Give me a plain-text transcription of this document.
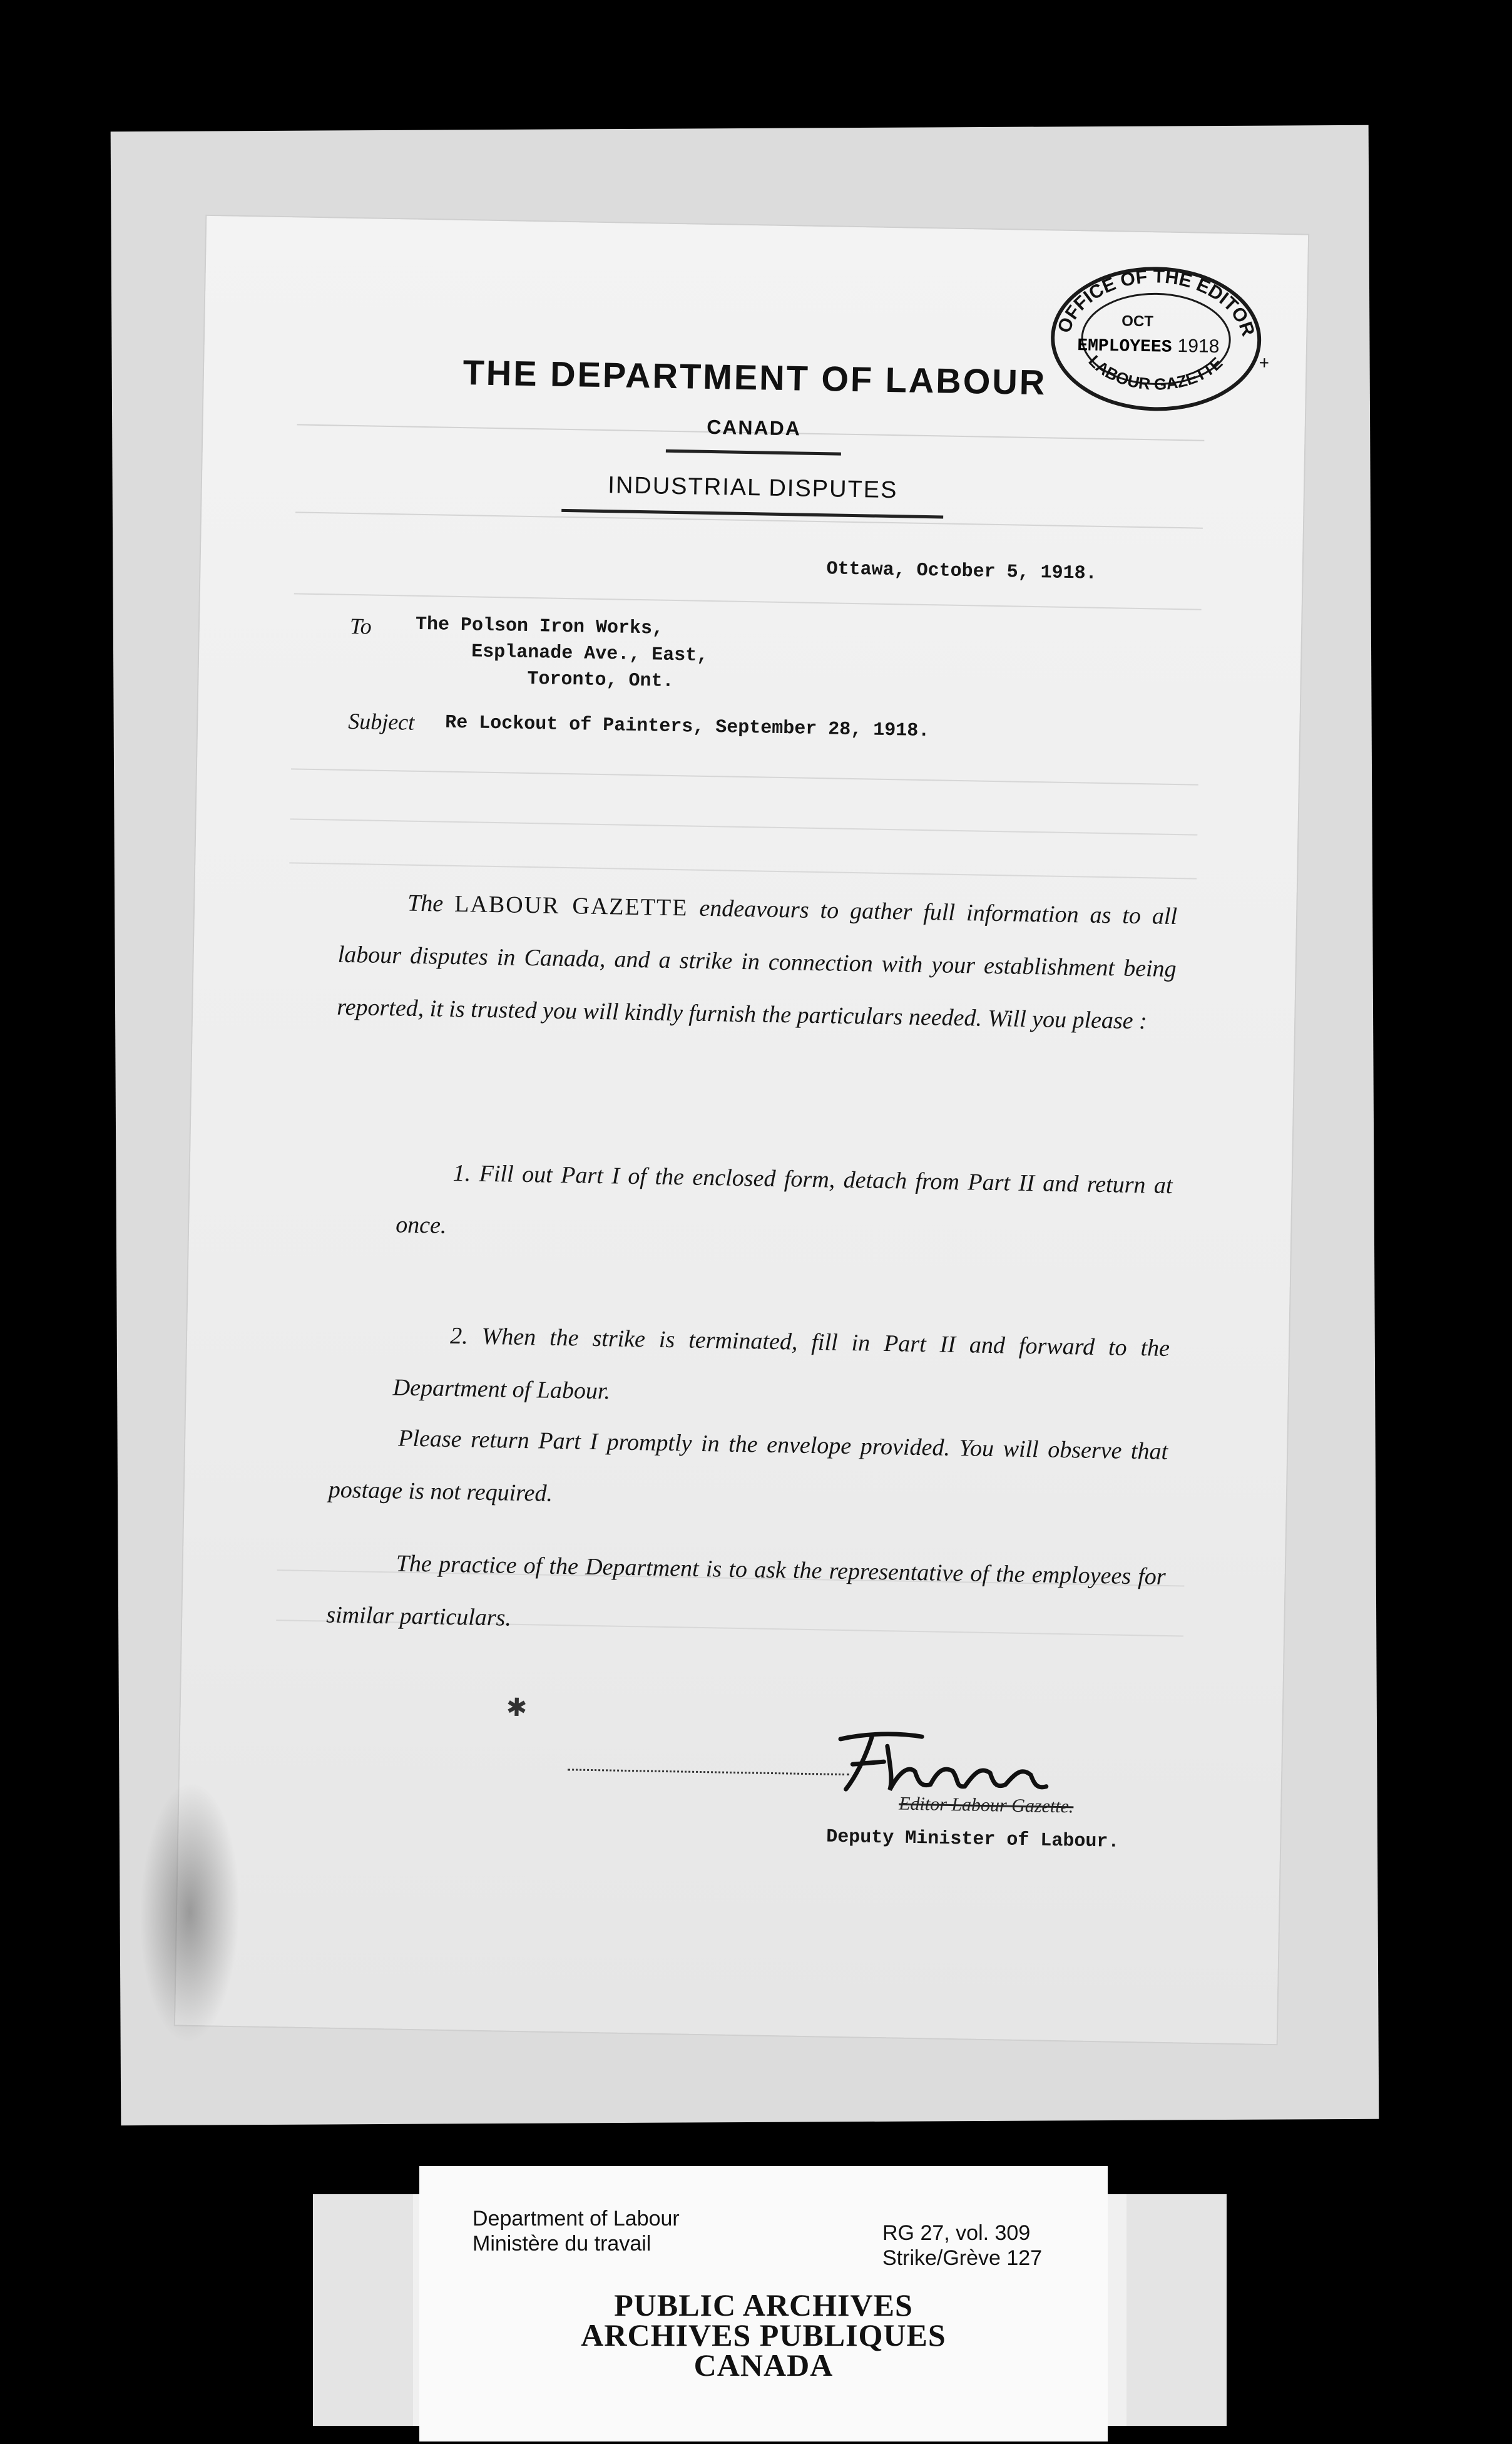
OFFICE OF THE EDITOR
LABOUR GAZETTE
OCT
1918
EMPLOYEES
+
THE DEPARTMENT OF LABOUR
CANADA
INDUSTRIAL DISPUTES
Ottawa, October 5, 1918.
To The Polson Iron Works,
Esplanade Ave., East,
Toronto, Ont.
Subject Re Lockout of Painters, September 28, 1918.
The LABOUR GAZETTE endeavours to gather full information as to all labour disputes in Canada, and a strike in connection with your establishment being reported, it is trusted you will kindly furnish the particulars needed. Will you please :
1. Fill out Part I of the enclosed form, detach from Part II and return at once.
2. When the strike is terminated, fill in Part II and forward to the Department of Labour.
Please return Part I promptly in the envelope provided. You will observe that postage is not required.
The practice of the Department is to ask the representative of the employees for similar particulars.
✱
Editor Labour Gazette.
Deputy Minister of Labour.
Department of Labour
Ministère du travail	RG 27, vol. 309
Strike/Grève 127
PUBLIC ARCHIVES
ARCHIVES PUBLIQUES
CANADA
